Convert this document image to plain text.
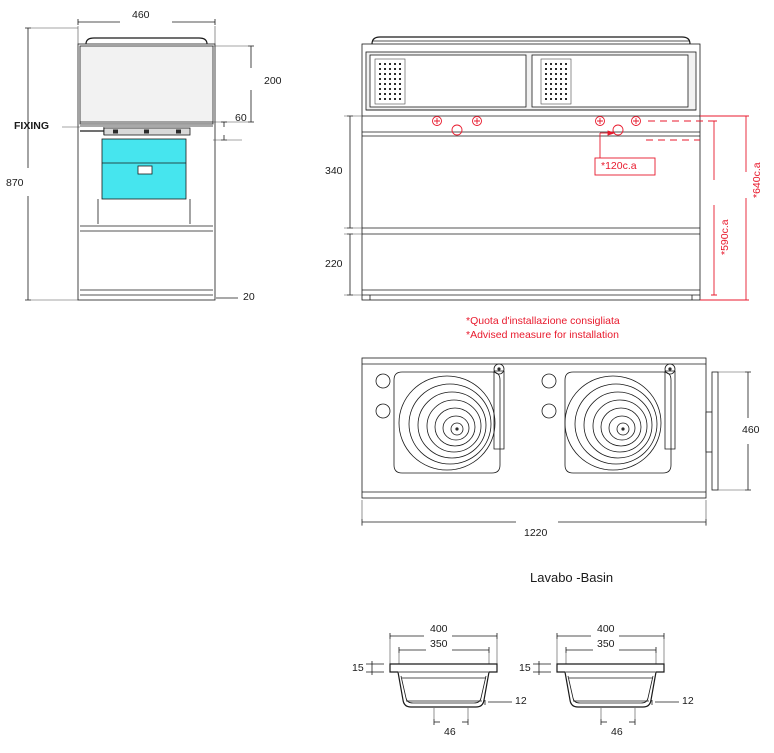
460
870
200
60
20
FIXING
340
220
*120c.a	*640c.a
*590c.a
*Quota d'installazione consigliata
*Advised measure for installation
1220
460
Lavabo -Basin
400
350
15
12
46
400
350
15
12
46
